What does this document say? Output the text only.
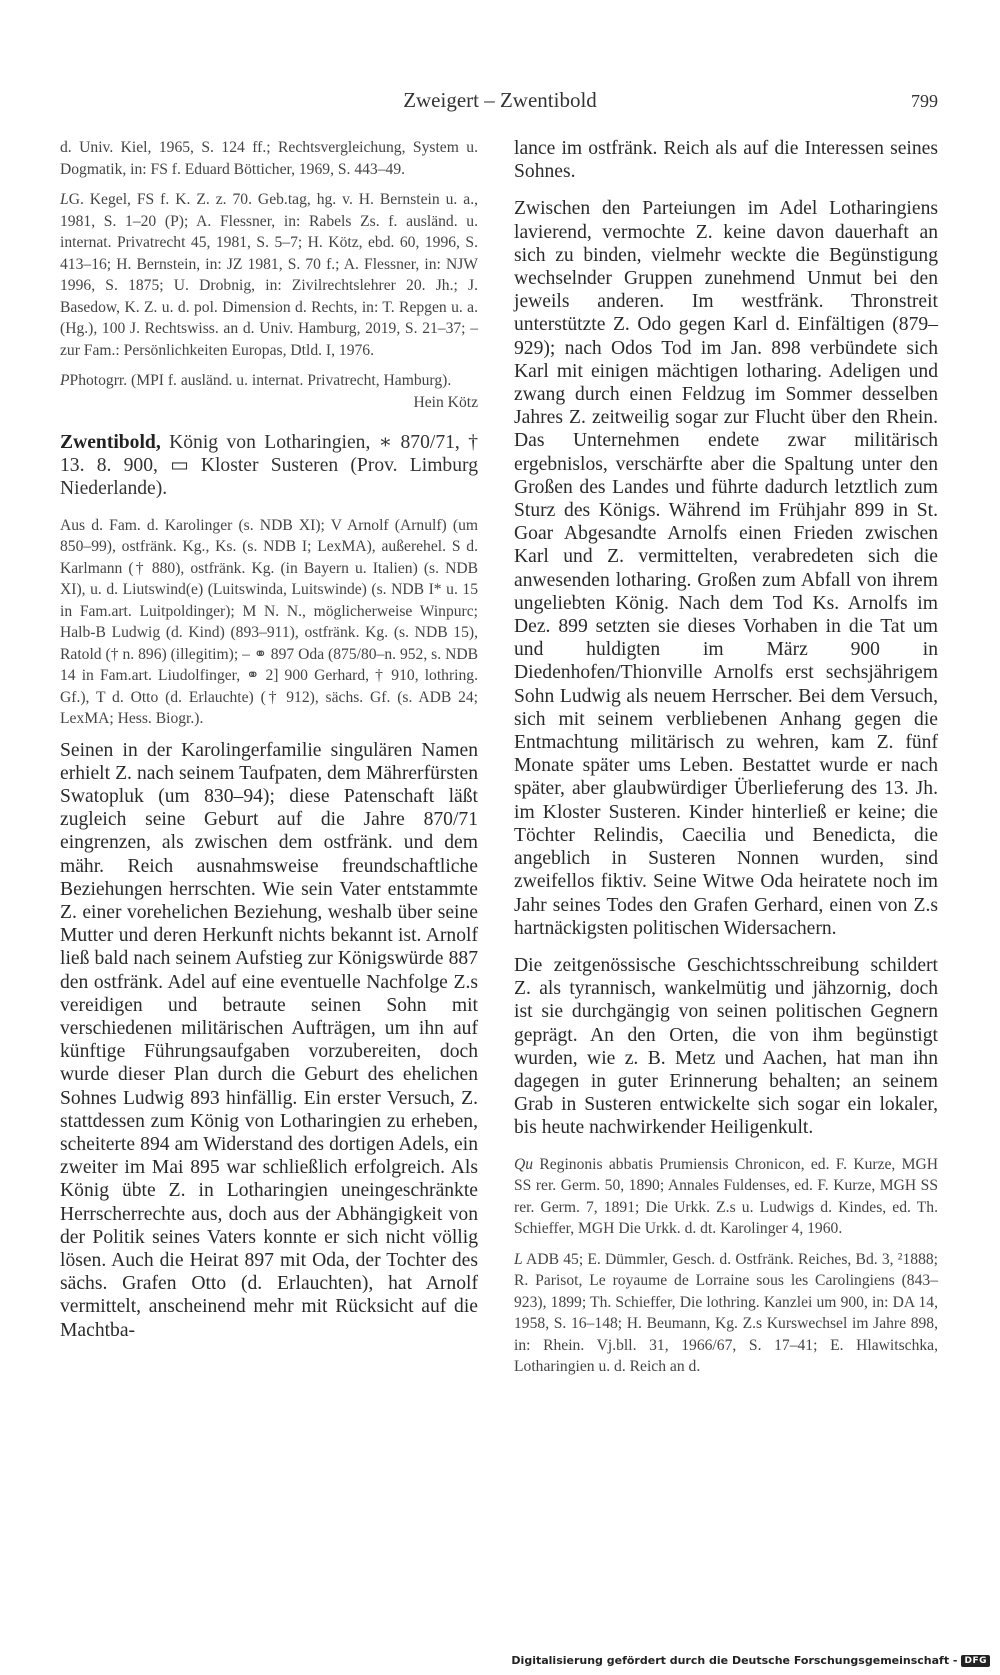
Zweigert – Zwentibold	799

d. Univ. Kiel, 1965, S. 124 ff.; Rechtsvergleichung, System u. Dogmatik, in: FS f. Eduard Bötticher, 1969, S. 443–49.

LG. Kegel, FS f. K. Z. z. 70. Geb.tag, hg. v. H. Bernstein u. a., 1981, S. 1–20 (P); A. Flessner, in: Rabels Zs. f. ausländ. u. internat. Privatrecht 45, 1981, S. 5–7; H. Kötz, ebd. 60, 1996, S. 413–16; H. Bernstein, in: JZ 1981, S. 70 f.; A. Flessner, in: NJW 1996, S. 1875; U. Drobnig, in: Zivilrechtslehrer 20. Jh.; J. Basedow, K. Z. u. d. pol. Dimension d. Rechts, in: T. Repgen u. a. (Hg.), 100 J. Rechtswiss. an d. Univ. Hamburg, 2019, S. 21–37; – zur Fam.: Persönlichkeiten Europas, Dtld. I, 1976.

PPhotogrr. (MPI f. ausländ. u. internat. Privatrecht, Hamburg).

Hein Kötz

Zwentibold, König von Lotharingien, ∗ 870/71, † 13. 8. 900, ▭ Kloster Susteren (Prov. Limburg Niederlande).

Aus d. Fam. d. Karolinger (s. NDB XI); V Arnolf (Arnulf) (um 850–99), ostfränk. Kg., Ks. (s. NDB I; LexMA), außerehel. S d. Karlmann († 880), ostfränk. Kg. (in Bayern u. Italien) (s. NDB XI), u. d. Liutswind(e) (Luitswinda, Luitswinde) (s. NDB I* u. 15 in Fam.art. Luitpoldinger); M N. N., möglicherweise Winpurc; Halb-B Ludwig (d. Kind) (893–911), ostfränk. Kg. (s. NDB 15), Ratold († n. 896) (illegitim); – ⚭ 897 Oda (875/80–n. 952, s. NDB 14 in Fam.art. Liudolfinger, ⚭ 2] 900 Gerhard, † 910, lothring. Gf.), T d. Otto (d. Erlauchte) († 912), sächs. Gf. (s. ADB 24; LexMA; Hess. Biogr.).

Seinen in der Karolingerfamilie singulären Namen erhielt Z. nach seinem Taufpaten, dem Mährerfürsten Swatopluk (um 830–94); diese Patenschaft läßt zugleich seine Geburt auf die Jahre 870/71 eingrenzen, als zwischen dem ostfränk. und dem mähr. Reich ausnahmsweise freundschaftliche Beziehungen herrschten. Wie sein Vater entstammte Z. einer vorehelichen Beziehung, weshalb über seine Mutter und deren Herkunft nichts bekannt ist. Arnolf ließ bald nach seinem Aufstieg zur Königswürde 887 den ostfränk. Adel auf eine eventuelle Nachfolge Z.s vereidigen und betraute seinen Sohn mit verschiedenen militärischen Aufträgen, um ihn auf künftige Führungsaufgaben vorzubereiten, doch wurde dieser Plan durch die Geburt des ehelichen Sohnes Ludwig 893 hinfällig. Ein erster Versuch, Z. stattdessen zum König von Lotharingien zu erheben, scheiterte 894 am Widerstand des dortigen Adels, ein zweiter im Mai 895 war schließlich erfolgreich. Als König übte Z. in Lotharingien uneingeschränkte Herrscherrechte aus, doch aus der Abhängigkeit von der Politik seines Vaters konnte er sich nicht völlig lösen. Auch die Heirat 897 mit Oda, der Tochter des sächs. Grafen Otto (d. Erlauchten), hat Arnolf vermittelt, anscheinend mehr mit Rücksicht auf die Machtba-

lance im ostfränk. Reich als auf die Interessen seines Sohnes.

Zwischen den Parteiungen im Adel Lotharingiens lavierend, vermochte Z. keine davon dauerhaft an sich zu binden, vielmehr weckte die Begünstigung wechselnder Gruppen zunehmend Unmut bei den jeweils anderen. Im westfränk. Thronstreit unterstützte Z. Odo gegen Karl d. Einfältigen (879–929); nach Odos Tod im Jan. 898 verbündete sich Karl mit einigen mächtigen lotharing. Adeligen und zwang durch einen Feldzug im Sommer desselben Jahres Z. zeitweilig sogar zur Flucht über den Rhein. Das Unternehmen endete zwar militärisch ergebnislos, verschärfte aber die Spaltung unter den Großen des Landes und führte dadurch letztlich zum Sturz des Königs. Während im Frühjahr 899 in St. Goar Abgesandte Arnolfs einen Frieden zwischen Karl und Z. vermittelten, verabredeten sich die anwesenden lotharing. Großen zum Abfall von ihrem ungeliebten König. Nach dem Tod Ks. Arnolfs im Dez. 899 setzten sie dieses Vorhaben in die Tat um und huldigten im März 900 in Diedenhofen/Thionville Arnolfs erst sechsjährigem Sohn Ludwig als neuem Herrscher. Bei dem Versuch, sich mit seinem verbliebenen Anhang gegen die Entmachtung militärisch zu wehren, kam Z. fünf Monate später ums Leben. Bestattet wurde er nach später, aber glaubwürdiger Überlieferung des 13. Jh. im Kloster Susteren. Kinder hinterließ er keine; die Töchter Relindis, Caecilia und Benedicta, die angeblich in Susteren Nonnen wurden, sind zweifellos fiktiv. Seine Witwe Oda heiratete noch im Jahr seines Todes den Grafen Gerhard, einen von Z.s hartnäckigsten politischen Widersachern.

Die zeitgenössische Geschichtsschreibung schildert Z. als tyrannisch, wankelmütig und jähzornig, doch ist sie durchgängig von seinen politischen Gegnern geprägt. An den Orten, die von ihm begünstigt wurden, wie z. B. Metz und Aachen, hat man ihn dagegen in guter Erinnerung behalten; an seinem Grab in Susteren entwickelte sich sogar ein lokaler, bis heute nachwirkender Heiligenkult.

Qu Reginonis abbatis Prumiensis Chronicon, ed. F. Kurze, MGH SS rer. Germ. 50, 1890; Annales Fuldenses, ed. F. Kurze, MGH SS rer. Germ. 7, 1891; Die Urkk. Z.s u. Ludwigs d. Kindes, ed. Th. Schieffer, MGH Die Urkk. d. dt. Karolinger 4, 1960.

L ADB 45; E. Dümmler, Gesch. d. Ostfränk. Reiches, Bd. 3, ²1888; R. Parisot, Le royaume de Lorraine sous les Carolingiens (843–923), 1899; Th. Schieffer, Die lothring. Kanzlei um 900, in: DA 14, 1958, S. 16–148; H. Beumann, Kg. Z.s Kurswechsel im Jahre 898, in: Rhein. Vj.bll. 31, 1966/67, S. 17–41; E. Hlawitschka, Lotharingien u. d. Reich an d.

Digitalisierung gefördert durch die Deutsche Forschungsgemeinschaft - DFG
